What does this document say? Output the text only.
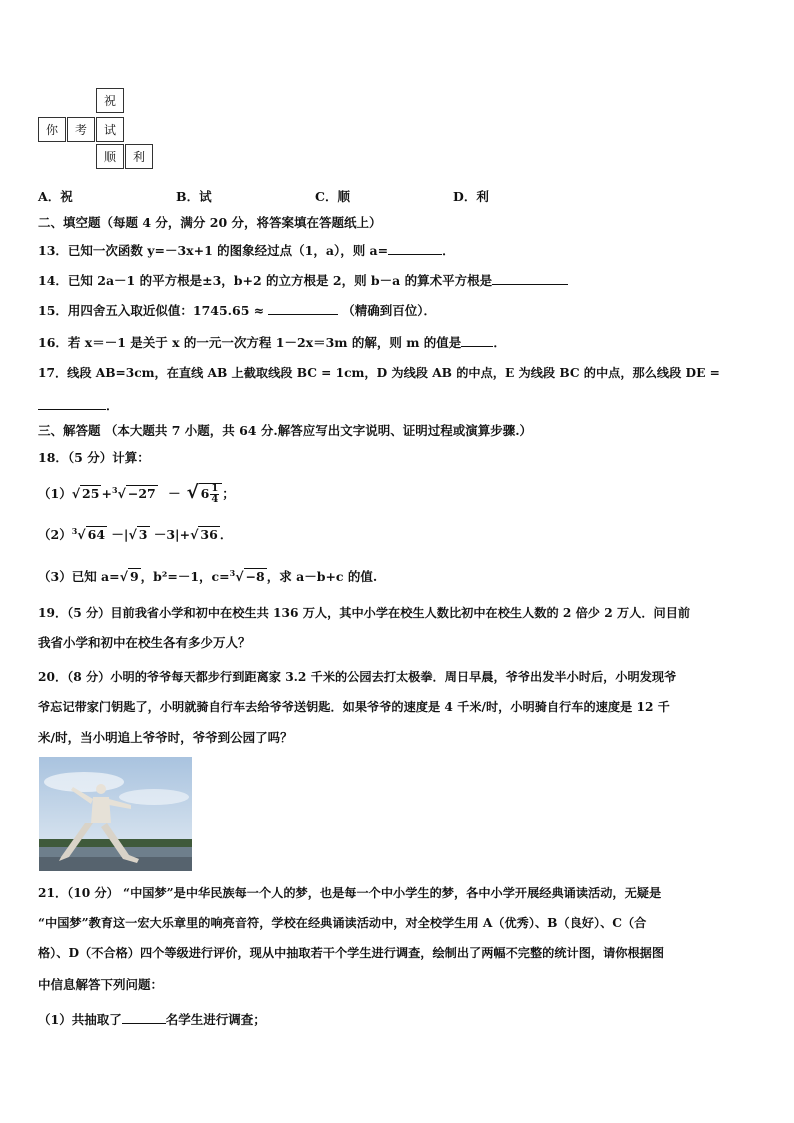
祝
你	考	试
顺	利
A．祝	B．试	C．顺	D．利
二、填空题（每题 4 分，满分 20 分，将答案填在答题纸上）
13．已知一次函数 y=－3x+1 的图象经过点（1，a），则 a=	．
14．已知 2a－1 的平方根是±3，b+2 的立方根是 2，则 b－a 的算术平方根是
15．用四舍五入取近似值：1745.65 ≈	（精确到百位）．
16．若 x＝－1 是关于 x 的一元一次方程 1－2x＝3m 的解，则 m 的值是	．
17．线段 AB=3cm，在直线 AB 上截取线段 BC = 1cm，D 为线段 AB 的中点，E 为线段 BC 的中点，那么线段 DE =
．
三、解答题 （本大题共 7 小题，共 64 分.解答应写出文字说明、证明过程或演算步骤.）
18．（5 分）计算：
（1）√ 25 +$^3$√ −27 － √ $6 \frac{1}{4}$ ；
$(2)^3√$ 64 －|√ 3 －3|+√ 36 ．
（3）已知 a=√ 9 ，b²=－1，c=$^3$√ −8 ，求 a－b+c 的值.
19．（5 分）目前我省小学和初中在校生共 136 万人，其中小学在校生人数比初中在校生人数的 2 倍少 2 万人．问目前
我省小学和初中在校生各有多少万人？
20．（8 分）小明的爷爷每天都步行到距离家 3.2 千米的公园去打太极拳．周日早晨，爷爷出发半小时后，小明发现爷
爷忘记带家门钥匙了，小明就骑自行车去给爷爷送钥匙．如果爷爷的速度是 4 千米/时，小明骑自行车的速度是 12 千
米/时，当小明追上爷爷时，爷爷到公园了吗？
21．（10 分） “中国梦”是中华民族每一个人的梦，也是每一个中小学生的梦，各中小学开展经典诵读活动，无疑是
“中国梦”教育这一宏大乐章里的响亮音符，学校在经典诵读活动中，对全校学生用 A（优秀）、B（良好）、C（合
格）、D（不合格）四个等级进行评价，现从中抽取若干个学生进行调查，绘制出了两幅不完整的统计图，请你根据图
中信息解答下列问题：
（1）共抽取了	名学生进行调查；
